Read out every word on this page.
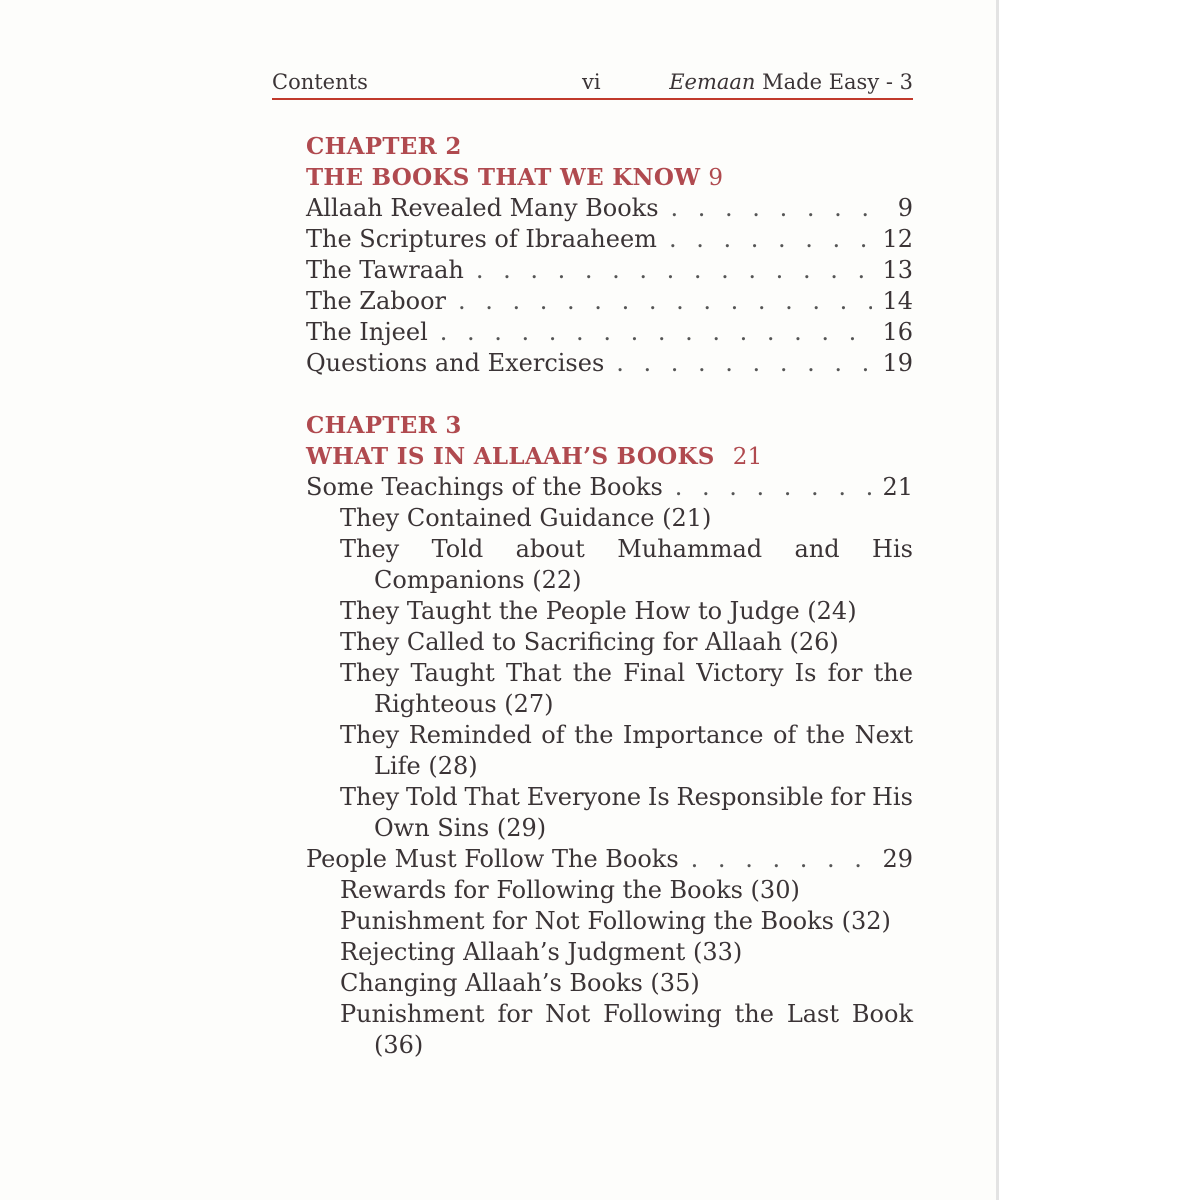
Contents	vi	Eemaan Made Easy - 3
CHAPTER 2
THE BOOKS THAT WE KNOW 9
Allaah Revealed Many Books . . .	9
The Scriptures of Ibraaheem . . .	12
The Tawraah . . .	13
The Zaboor . . .	14
The Injeel . . .	16
Questions and Exercises . . .	19
CHAPTER 3
WHAT IS IN ALLAAH’S BOOKS 21
Some Teachings of the Books . . .	21
They Contained Guidance (21)
They Told about Muhammad and His
Companions (22)
They Taught the People How to Judge (24)
They Called to Sacrificing for Allaah (26)
They Taught That the Final Victory Is for the
Righteous (27)
They Reminded of the Importance of the Next
Life (28)
They Told That Everyone Is Responsible for His
Own Sins (29)
People Must Follow The Books . . .	29
Rewards for Following the Books (30)
Punishment for Not Following the Books (32)
Rejecting Allaah’s Judgment (33)
Changing Allaah’s Books (35)
Punishment for Not Following the Last Book
(36)
